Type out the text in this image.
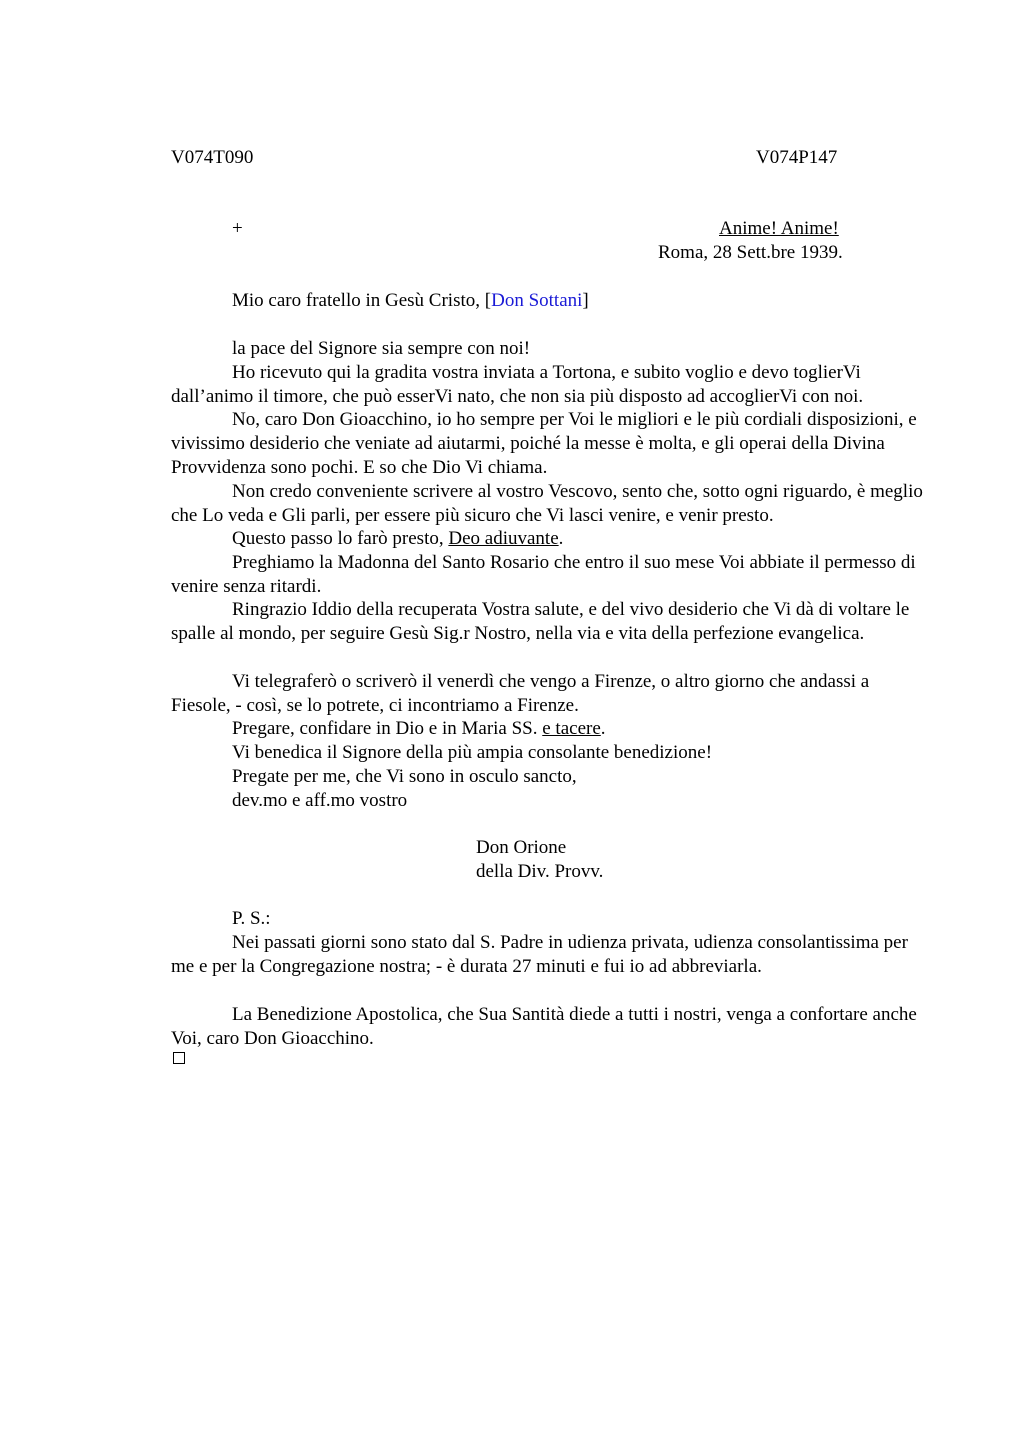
V074T090	V074P147
+	Anime! Anime!
Roma, 28 Sett.bre 1939.
Mio caro fratello in Gesù Cristo, [Don Sottani]
la pace del Signore sia sempre con noi!

Ho ricevuto qui la gradita vostra inviata a Tortona, e subito voglio e devo toglierVi dall’animo il timore, che può esserVi nato, che non sia più disposto ad accoglierVi con noi.

No, caro Don Gioacchino, io ho sempre per Voi le migliori e le più cordiali disposizioni, e vivissimo desiderio che veniate ad aiutarmi, poiché la messe è molta, e gli operai della Divina Provvidenza sono pochi. E so che Dio Vi chiama.

Non credo conveniente scrivere al vostro Vescovo, sento che, sotto ogni riguardo, è meglio che Lo veda e Gli parli, per essere più sicuro che Vi lasci venire, e venir presto.

Questo passo lo farò presto, Deo adiuvante.

Preghiamo la Madonna del Santo Rosario che entro il suo mese Voi abbiate il permesso di venire senza ritardi.

Ringrazio Iddio della recuperata Vostra salute, e del vivo desiderio che Vi dà di voltare le spalle al mondo, per seguire Gesù Sig.r Nostro, nella via e vita della perfezione evangelica.

Vi telegraferò o scriverò il venerdì che vengo a Firenze, o altro giorno che andassi a Fiesole, - così, se lo potrete, ci incontriamo a Firenze.

Pregare, confidare in Dio e in Maria SS. e tacere.
Vi benedica il Signore della più ampia consolante benedizione!
Pregate per me, che Vi sono in osculo sancto,
dev.mo e aff.mo vostro
Don Orione
della Div. Provv.
P. S.:

Nei passati giorni sono stato dal S. Padre in udienza privata, udienza consolantissima per me e per la Congregazione nostra; - è durata 27 minuti e fui io ad abbreviarla.

La Benedizione Apostolica, che Sua Santità diede a tutti i nostri, venga a confortare anche Voi, caro Don Gioacchino.
